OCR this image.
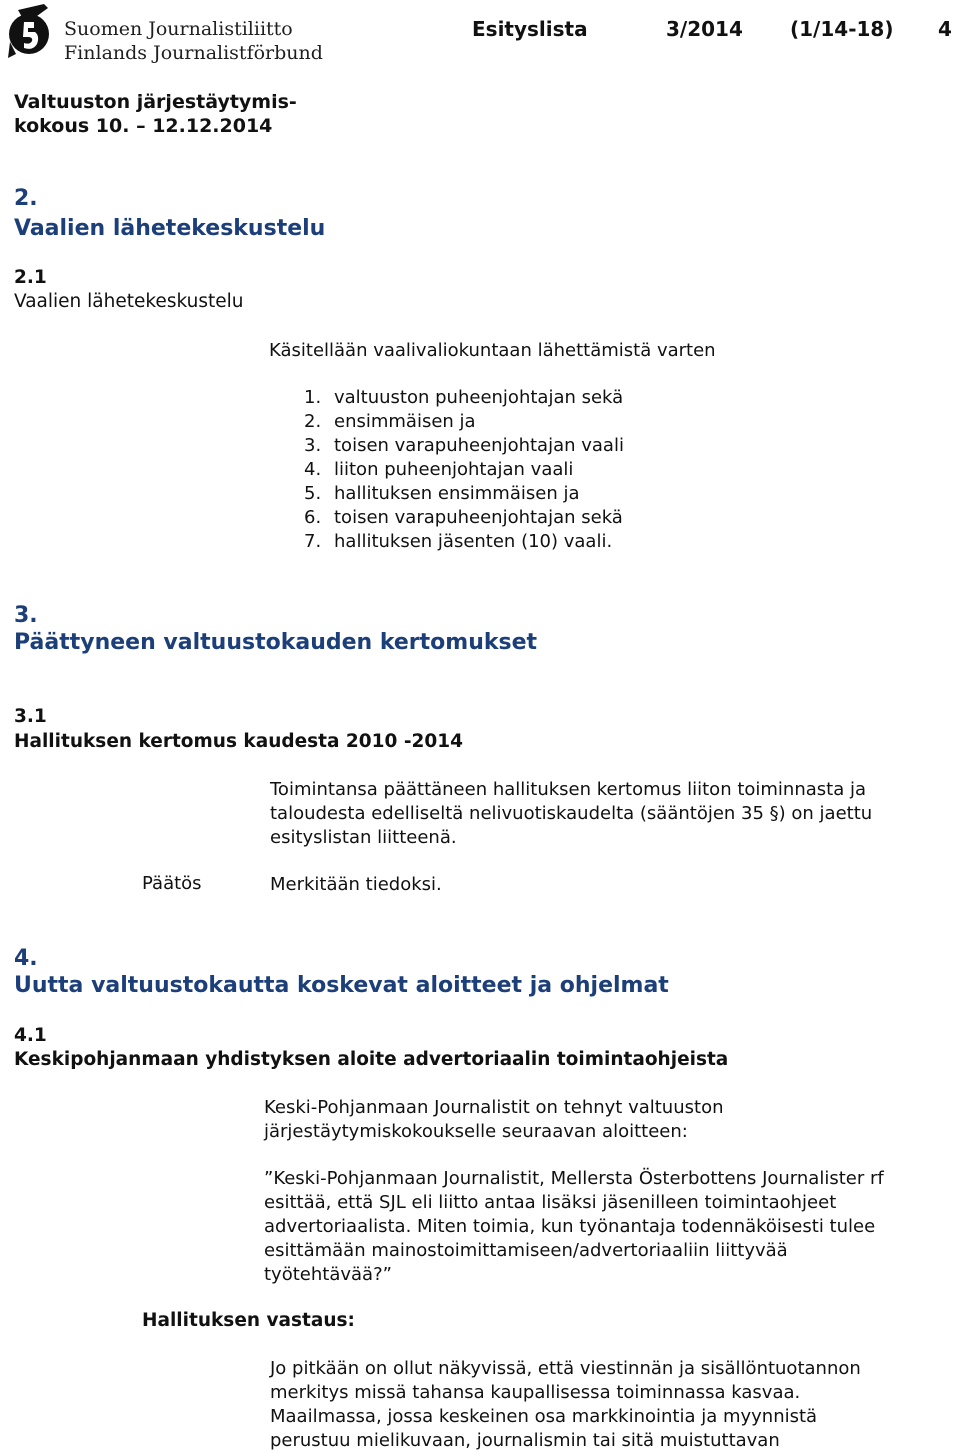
Suomen Journalistiliitto
Finlands Journalistförbund
Esityslista	3/2014 (1/14-18) 4
Valtuuston järjestäytymis-
kokous 10. – 12.12.2014
2.
Vaalien lähetekeskustelu
2.1
Vaalien lähetekeskustelu
Käsitellään vaalivaliokuntaan lähettämistä varten
1. valtuuston puheenjohtajan sekä
2. ensimmäisen ja
3. toisen varapuheenjohtajan vaali
4. liiton puheenjohtajan vaali
5. hallituksen ensimmäisen ja
6. toisen varapuheenjohtajan sekä
7. hallituksen jäsenten (10) vaali.
3.
Päättyneen valtuustokauden kertomukset
3.1
Hallituksen kertomus kaudesta 2010 -2014
Toimintansa päättäneen hallituksen kertomus liiton toiminnasta ja
taloudesta edelliseltä nelivuotiskaudelta (sääntöjen 35 §) on jaettu
esityslistan liitteenä.
Päätös	Merkitään tiedoksi.
4.
Uutta valtuustokautta koskevat aloitteet ja ohjelmat
4.1
Keskipohjanmaan yhdistyksen aloite advertoriaalin toimintaohjeista
Keski-Pohjanmaan Journalistit on tehnyt valtuuston
järjestäytymiskokoukselle seuraavan aloitteen:
”Keski-Pohjanmaan Journalistit, Mellersta Österbottens Journalister rf
esittää, että SJL eli liitto antaa lisäksi jäsenilleen toimintaohjeet
advertoriaalista. Miten toimia, kun työnantaja todennäköisesti tulee
esittämään mainostoimittamiseen/advertoriaaliin liittyvää
työtehtävää?”
Hallituksen vastaus:
Jo pitkään on ollut näkyvissä, että viestinnän ja sisällöntuotannon
merkitys missä tahansa kaupallisessa toiminnassa kasvaa.
Maailmassa, jossa keskeinen osa markkinointia ja myynnistä
perustuu mielikuvaan, journalismin tai sitä muistuttavan
